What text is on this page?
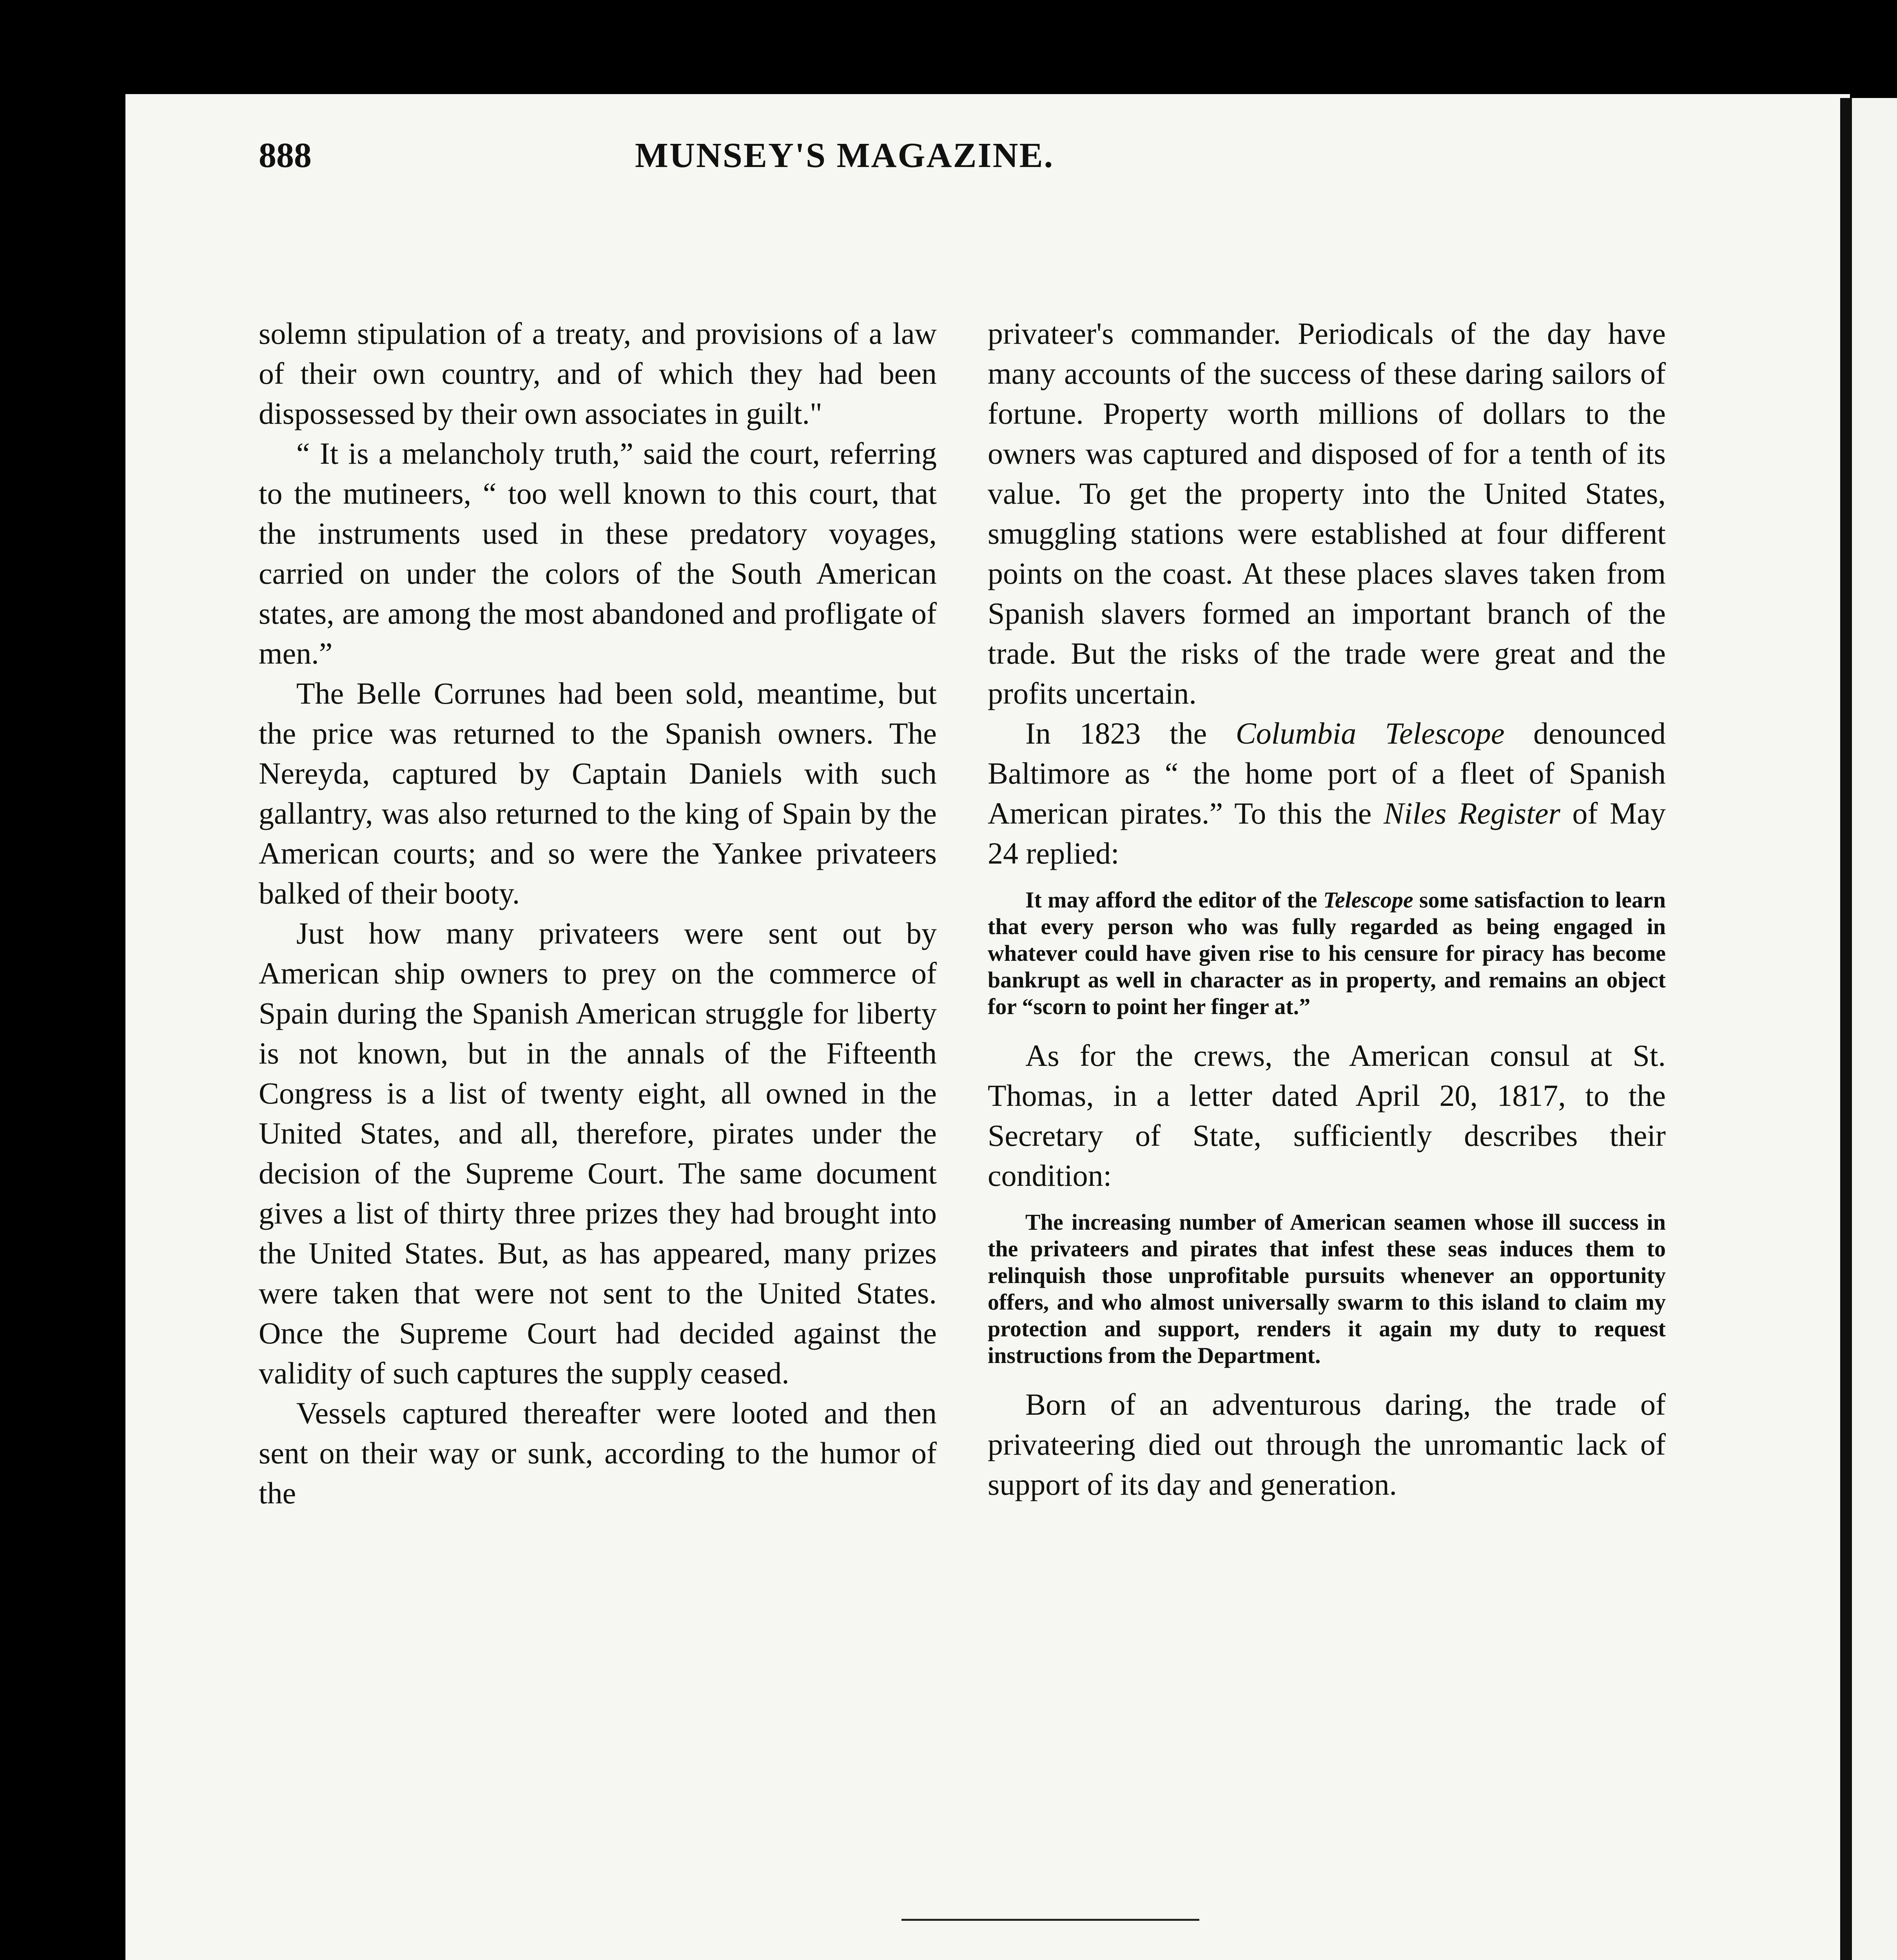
888	MUNSEY'S MAGAZINE.

solemn stipulation of a treaty, and provisions of a law of their own country, and of which they had been dispossessed by their own associates in guilt."

“ It is a melancholy truth,” said the court, referring to the mutineers, “ too well known to this court, that the instruments used in these predatory voyages, carried on under the colors of the South American states, are among the most abandoned and profligate of men.”

The Belle Corrunes had been sold, meantime, but the price was returned to the Spanish owners. The Nereyda, captured by Captain Daniels with such gallantry, was also returned to the king of Spain by the American courts; and so were the Yankee privateers balked of their booty.

Just how many privateers were sent out by American ship owners to prey on the commerce of Spain during the Spanish American struggle for liberty is not known, but in the annals of the Fifteenth Congress is a list of twenty eight, all owned in the United States, and all, therefore, pirates under the decision of the Supreme Court. The same document gives a list of thirty three prizes they had brought into the United States. But, as has appeared, many prizes were taken that were not sent to the United States. Once the Supreme Court had decided against the validity of such captures the supply ceased.

Vessels captured thereafter were looted and then sent on their way or sunk, according to the humor of the

privateer's commander. Periodicals of the day have many accounts of the success of these daring sailors of fortune. Property worth millions of dollars to the owners was captured and disposed of for a tenth of its value. To get the property into the United States, smuggling stations were established at four different points on the coast. At these places slaves taken from Spanish slavers formed an important branch of the trade. But the risks of the trade were great and the profits uncertain.

In 1823 the Columbia Telescope denounced Baltimore as “ the home port of a fleet of Spanish American pirates.” To this the Niles Register of May 24 replied:

It may afford the editor of the Telescope some satisfaction to learn that every person who was fully regarded as being engaged in whatever could have given rise to his censure for piracy has become bankrupt as well in character as in property, and remains an object for “scorn to point her finger at.”

As for the crews, the American consul at St. Thomas, in a letter dated April 20, 1817, to the Secretary of State, sufficiently describes their condition:

The increasing number of American seamen whose ill success in the privateers and pirates that infest these seas induces them to relinquish those unprofitable pursuits whenever an opportunity offers, and who almost universally swarm to this island to claim my protection and support, renders it again my duty to request instructions from the Department.

Born of an adventurous daring, the trade of privateering died out through the unromantic lack of support of its day and generation.
